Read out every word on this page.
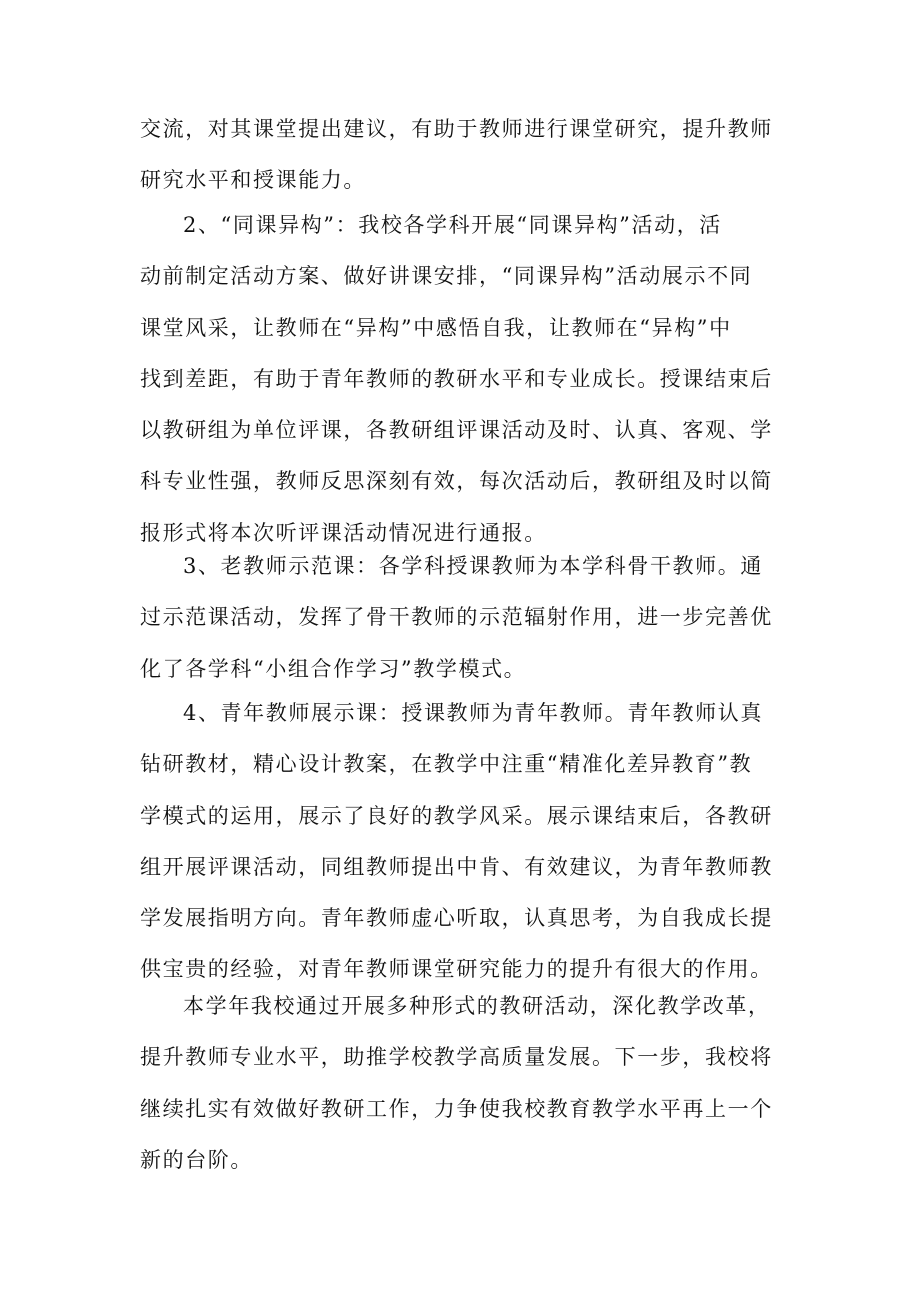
交流，对其课堂提出建议，有助于教师进行课堂研究，提升教师
研究水平和授课能力。
2、“同课异构”：我校各学科开展“同课异构”活动，活
动前制定活动方案、做好讲课安排，“同课异构”活动展示不同
课堂风采，让教师在“异构”中感悟自我，让教师在“异构”中
找到差距，有助于青年教师的教研水平和专业成长。授课结束后
以教研组为单位评课，各教研组评课活动及时、认真、客观、学
科专业性强，教师反思深刻有效，每次活动后，教研组及时以简
报形式将本次听评课活动情况进行通报。
3、老教师示范课：各学科授课教师为本学科骨干教师。通
过示范课活动，发挥了骨干教师的示范辐射作用，进一步完善优
化了各学科“小组合作学习”教学模式。
4、青年教师展示课：授课教师为青年教师。青年教师认真
钻研教材，精心设计教案，在教学中注重“精准化差异教育”教
学模式的运用，展示了良好的教学风采。展示课结束后，各教研
组开展评课活动，同组教师提出中肯、有效建议，为青年教师教
学发展指明方向。青年教师虚心听取，认真思考，为自我成长提
供宝贵的经验，对青年教师课堂研究能力的提升有很大的作用。
本学年我校通过开展多种形式的教研活动，深化教学改革，
提升教师专业水平，助推学校教学高质量发展。下一步，我校将
继续扎实有效做好教研工作，力争使我校教育教学水平再上一个
新的台阶。
